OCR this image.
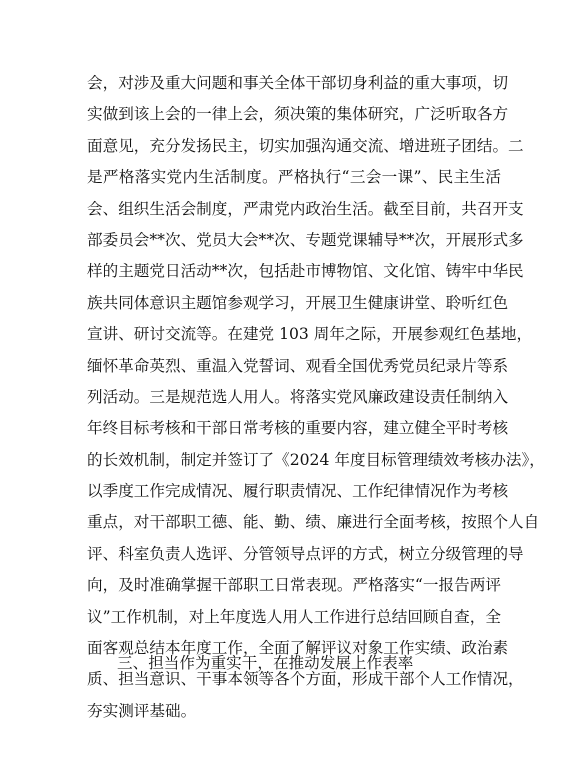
会，对涉及重大问题和事关全体干部切身利益的重大事项，切
实做到该上会的一律上会，须决策的集体研究，广泛听取各方
面意见，充分发扬民主，切实加强沟通交流、增进班子团结。二
是严格落实党内生活制度。严格执行“三会一课”、民主生活
会、组织生活会制度，严肃党内政治生活。截至目前，共召开支
部委员会**次、党员大会**次、专题党课辅导**次，开展形式多
样的主题党日活动**次，包括赴市博物馆、文化馆、铸牢中华民
族共同体意识主题馆参观学习，开展卫生健康讲堂、聆听红色
宣讲、研讨交流等。在建党 103 周年之际，开展参观红色基地，
缅怀革命英烈、重温入党誓词、观看全国优秀党员纪录片等系
列活动。三是规范选人用人。将落实党风廉政建设责任制纳入
年终目标考核和干部日常考核的重要内容，建立健全平时考核
的长效机制，制定并签订了《2024 年度目标管理绩效考核办法》，
以季度工作完成情况、履行职责情况、工作纪律情况作为考核
重点，对干部职工德、能、勤、绩、廉进行全面考核，按照个人自
评、科室负责人选评、分管领导点评的方式，树立分级管理的导
向，及时准确掌握干部职工日常表现。严格落实“一报告两评
议”工作机制，对上年度选人用人工作进行总结回顾自查，全
面客观总结本年度工作，全面了解评议对象工作实绩、政治素
质、担当意识、干事本领等各个方面，形成干部个人工作情况，
夯实测评基础。
三、担当作为重实干，在推动发展上作表率
